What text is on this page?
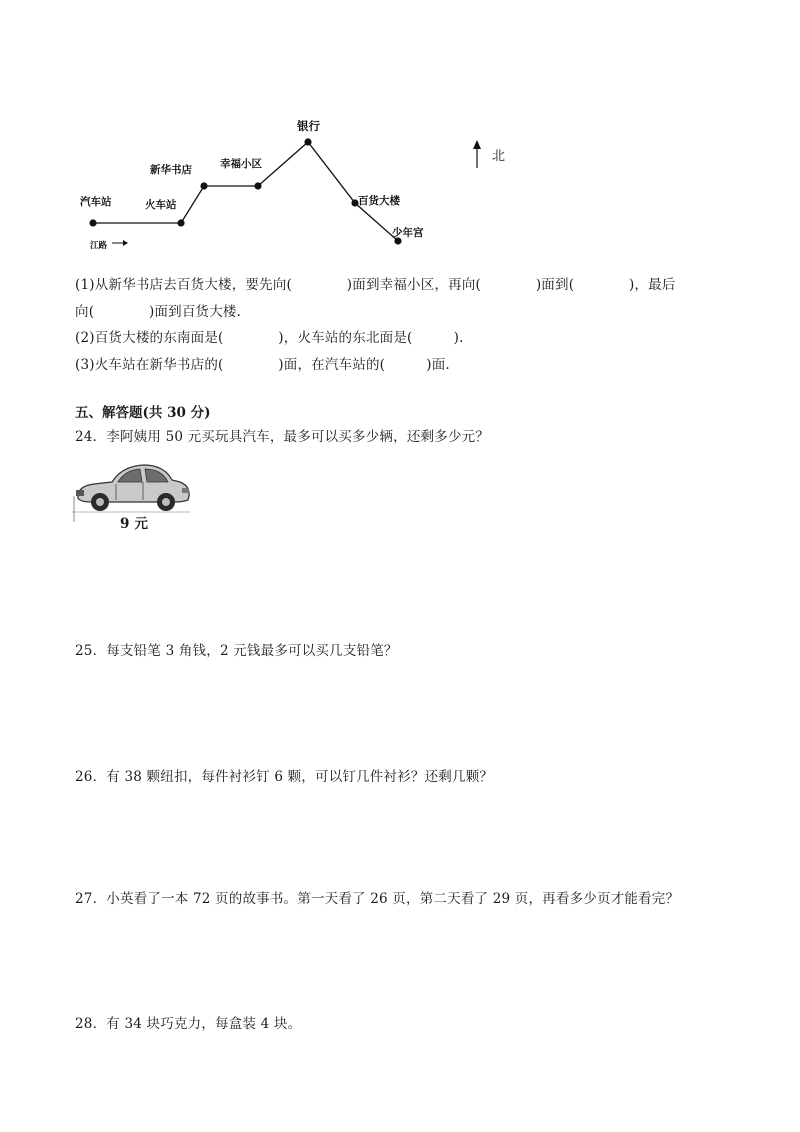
汽车站	火车站
新华书店	幸福小区
银行
百货大楼
少年宫
江路
北
(1)从新华书店去百货大楼，要先向(　　　　)面到幸福小区，再向(　　　　)面到(　　　　)，最后
向(　　　　)面到百货大楼.
(2)百货大楼的东南面是(　　　　)，火车站的东北面是(　　　).
(3)火车站在新华书店的(　　　　)面，在汽车站的(　　　)面.
五、解答题(共 30 分)
24．李阿姨用 50 元买玩具汽车，最多可以买多少辆，还剩多少元？
9 元
25．每支铅笔 3 角钱，2 元钱最多可以买几支铅笔？
26．有 38 颗纽扣，每件衬衫钉 6 颗，可以钉几件衬衫？还剩几颗？
27．小英看了一本 72 页的故事书。第一天看了 26 页，第二天看了 29 页，再看多少页才能看完？
28．有 34 块巧克力，每盒装 4 块。
